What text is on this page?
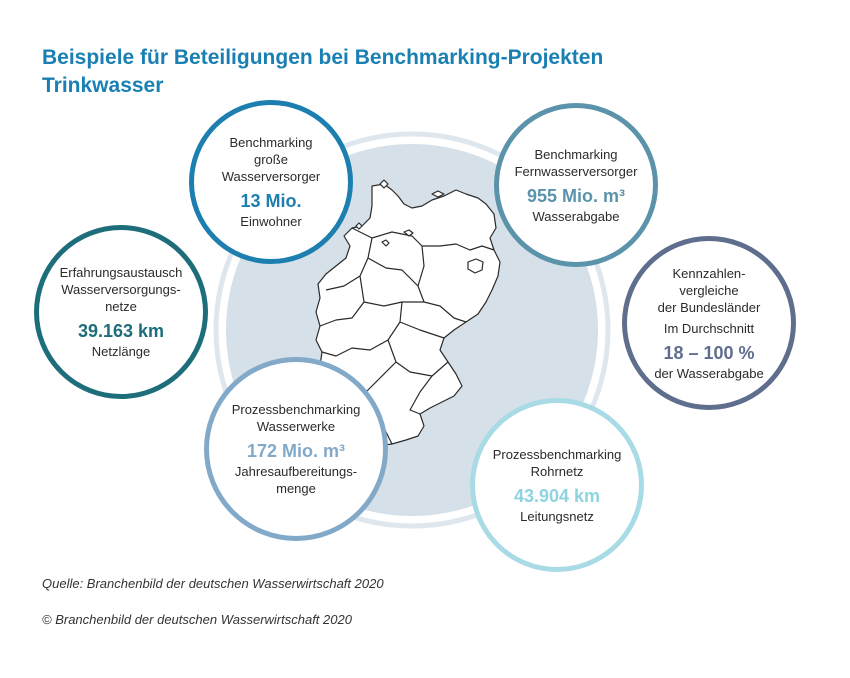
Beispiele für Beteiligungen bei Benchmarking-Projekten
Trinkwasser
Benchmarking
große
Wasserversorger
13 Mio.
Einwohner
Benchmarking
Fernwasserversorger
955 Mio. m³
Wasserabgabe
Erfahrungsaustausch
Wasserversorgungs-
netze
39.163 km
Netzlänge
Kennzahlen-
vergleiche
der Bundesländer
Im Durchschnitt
18 – 100 %
der Wasserabgabe
Prozessbenchmarking
Wasserwerke
172 Mio. m³
Jahresaufbereitungs- menge
Prozessbenchmarking
Rohrnetz
43.904 km
Leitungsnetz
Quelle: Branchenbild der deutschen Wasserwirtschaft 2020
© Branchenbild der deutschen Wasserwirtschaft 2020
